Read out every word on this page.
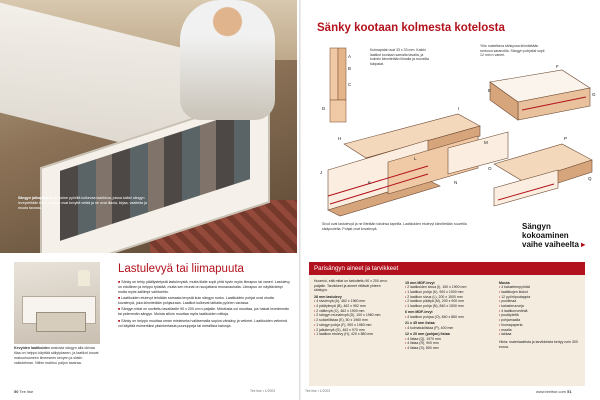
Sängyn jalkopäässä on kolme pyörillä kulkevaa laatikkoa, joissa kaikki sängyn leveydeltään tilaa. Laatikot ovat kevyitä vetää ja ne ovat tilavia, kirjaa, vaatteita ja muuta tavaraa.
Kevyiden laatikoiden ansiosta sängyn alla olevaa tilaa on helppo käyttää säilytykseen, ja laatikot tuovat makuuhuoneen ilmeeseen kevyen ja siistin vaikutelman. Niihin mahtuu paljon tavaraa.
Lastulevyä tai liimapuuta

■ Sänky on tehty päällystetystä lastulevystä, mutta tilalle sopii yhtä hyvin myös liimapuu tai vaneri. Lastulevy on edullinen ja helppo työstää, mutta sen reunat on suojattava reunanauhalla. Liimapuu on näyttävämpi mutta myös kalliimpi vaihtoehto.

■ Laatikoiden etulevyt tehdään samasta levystä kuin sängyn runko. Laatikoiden pohjat ovat ohutta kovalevyä, joka kiinnitetään pohjauraan. Laatikot kulkevat lattialla pyörien varassa.

■ Sängyn mitat on sovitettu tavalliselle 90 x 200 cm:n patjalle. Mitoitusta voi muuttaa, jos haluat leveämmän tai pidemmän sängyn. Muista silloin muuttaa myös laatikoiden mittoja.

■ Sänky on helppo muuttaa oman mieleiseksi valitsemalla sopiva värisävy ja vetimet. Laatikoiden vetiminä voi käyttää esimerkiksi yksinkertaisia puunuppeja tai metallisia kahvoja.

50 Tee itse	Tee itse • 1/2003
Sänky kootaan kolmesta kotelosta
A
B
C
D
E
F
G
H
I
J
K
L
M
N
O
P
Q
Kulmapalat ovat 33 x 33 mm. Kaikki laatikot kootaan samalla tavalla, ja kulmiin kiinnitetään liimalla ja ruuveilla tukipalat.
Ylös nostettava sänkyosa kiinnitetään runkoon saranoilla. Sängyn pohjaksi sopii 12 mm:n vaneri.
Sivut ovat lastulevyä ja ne liitetään toisiinsa tapeilla. Laatikoiden etulevyt kiinnitetään ruuveilla sisäpuolelta. Pohjat ovat kovalevyä.	Sängyn kokoaminen
vaihe vaiheelta ▸
Parisängyn aineet ja tarvikkeet
Huomioi, että mitat on tarkoitettu 90 x 200 cm:n patjalle. Tarvikkeet ja aineet riittävät yhteen sänkyyn.
28 mm lastulevy
• 4 sivulevyä (A), 462 x 1960 mm
• 4 päätylevyä (B), 462 x 952 mm
• 2 välilevyä (C), 462 x 1900 mm
• 2 sängyn reunalevyä (D), 100 x 1960 mm
• 2 sokkelilistaa (E), 50 x 1960 mm
• 1 sängyn pohja (F), 900 x 1960 mm
• 2 jalkalevyä (G), 462 x 970 mm
• 1 laatikon etulevy (H), 420 x 880 mm
15 mm MDF-levyt
• 2 laatikoiden sivua (I), 150 x 1900 mm
• 1 laatikon pohja (K), 900 x 1900 mm
• 2 laatikon sivua (L), 200 x 1500 mm
• 2 laatikon päätyä (M), 200 x 900 mm
• 1 laatikon pohja (N), 840 x 1500 mm
6 mm MDF-levyt
• 4 laatikon pohjaa (O), 840 x 860 mm
21 x 45 mm listaa
• 4 kulmatukilistaa (P), 400 mm
12 x 20 mm (pohjan) listaa
• 4 listaa (Q), 1970 mm
• 4 listaa (R), 900 mm
• 4 listaa (S), 800 mm
Muuta
• 4 kalusteenpyörää
• laatikkojen kiskot
• 12 pyöröpuutappia
• puuliimaa
• kalusteruuveja
• 4 laatikonvedintä
• puutäytettä
• pohjamaalia
• hiomapaperia
• maalia
• lakkaa
Hinta: materiaaleista ja tarvikkeista kertyy noin 300 euroa.
Tee itse • 1/2003	www.teeitse.com 51
